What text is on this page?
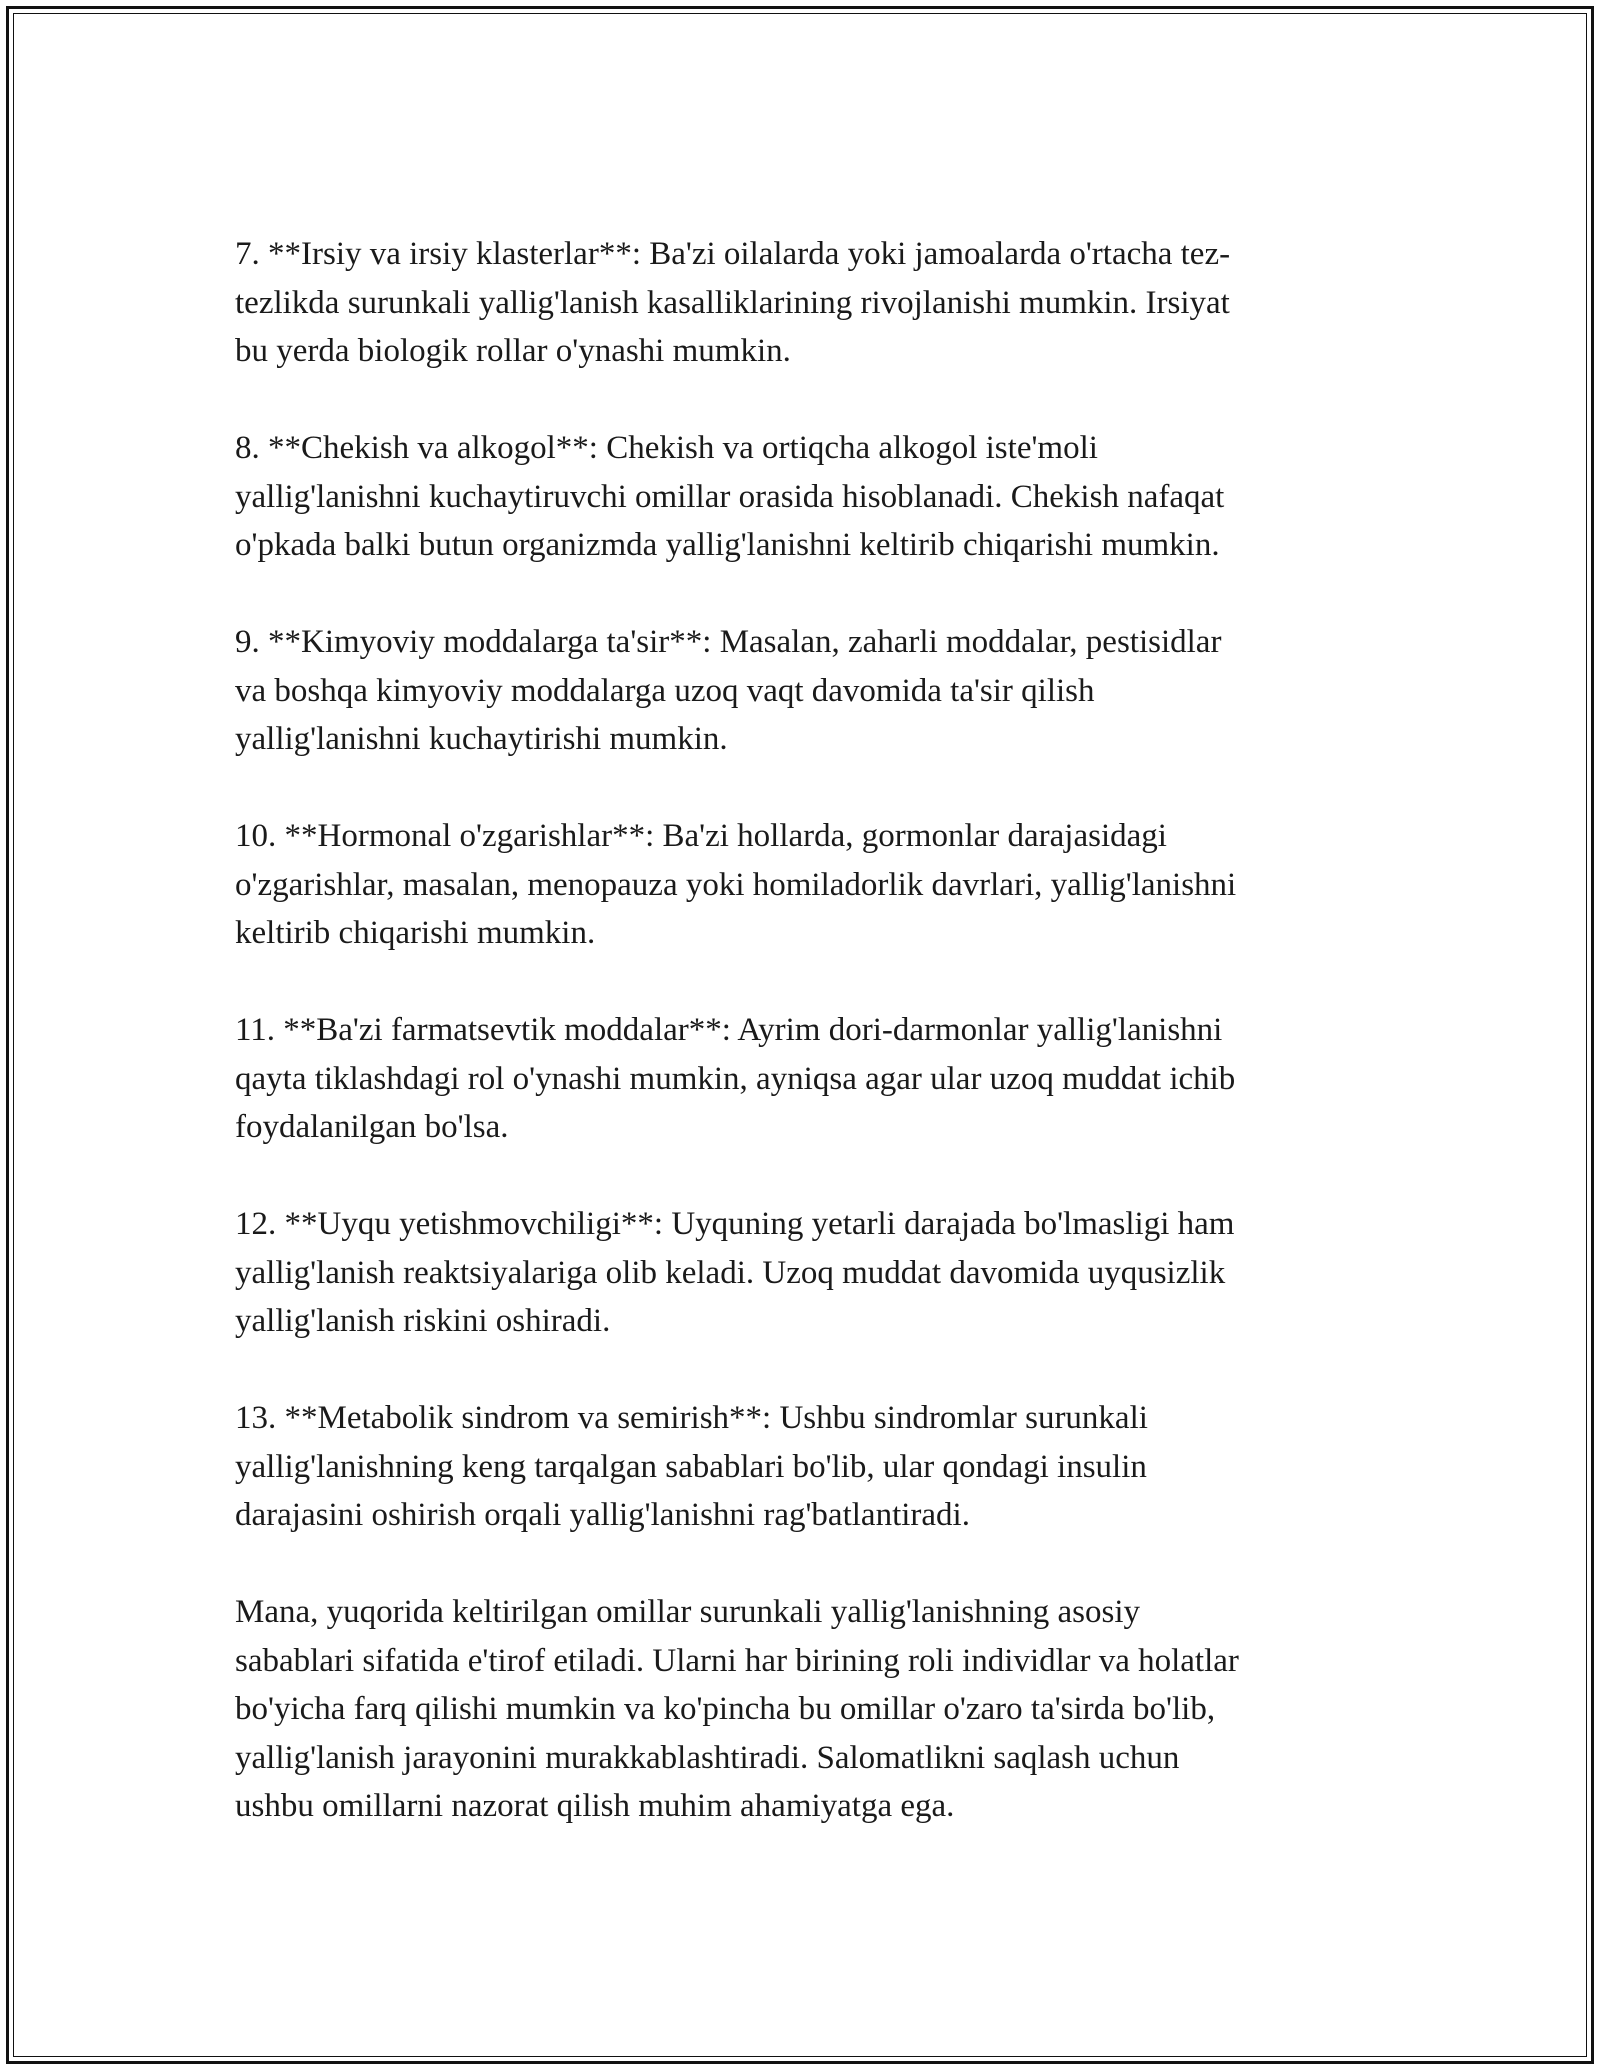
7. **Irsiy va irsiy klasterlar**: Ba'zi oilalarda yoki jamoalarda o'rtacha tez-
tezlikda surunkali yallig'lanish kasalliklarining rivojlanishi mumkin. Irsiyat
bu yerda biologik rollar o'ynashi mumkin.

8. **Chekish va alkogol**: Chekish va ortiqcha alkogol iste'moli
yallig'lanishni kuchaytiruvchi omillar orasida hisoblanadi. Chekish nafaqat
o'pkada balki butun organizmda yallig'lanishni keltirib chiqarishi mumkin.

9. **Kimyoviy moddalarga ta'sir**: Masalan, zaharli moddalar, pestisidlar
va boshqa kimyoviy moddalarga uzoq vaqt davomida ta'sir qilish
yallig'lanishni kuchaytirishi mumkin.

10. **Hormonal o'zgarishlar**: Ba'zi hollarda, gormonlar darajasidagi
o'zgarishlar, masalan, menopauza yoki homiladorlik davrlari, yallig'lanishni
keltirib chiqarishi mumkin.

11. **Ba'zi farmatsevtik moddalar**: Ayrim dori-darmonlar yallig'lanishni
qayta tiklashdagi rol o'ynashi mumkin, ayniqsa agar ular uzoq muddat ichib
foydalanilgan bo'lsa.

12. **Uyqu yetishmovchiligi**: Uyquning yetarli darajada bo'lmasligi ham
yallig'lanish reaktsiyalariga olib keladi. Uzoq muddat davomida uyqusizlik
yallig'lanish riskini oshiradi.

13. **Metabolik sindrom va semirish**: Ushbu sindromlar surunkali
yallig'lanishning keng tarqalgan sabablari bo'lib, ular qondagi insulin
darajasini oshirish orqali yallig'lanishni rag'batlantiradi.

Mana, yuqorida keltirilgan omillar surunkali yallig'lanishning asosiy
sabablari sifatida e'tirof etiladi. Ularni har birining roli individlar va holatlar
bo'yicha farq qilishi mumkin va ko'pincha bu omillar o'zaro ta'sirda bo'lib,
yallig'lanish jarayonini murakkablashtiradi. Salomatlikni saqlash uchun
ushbu omillarni nazorat qilish muhim ahamiyatga ega.
